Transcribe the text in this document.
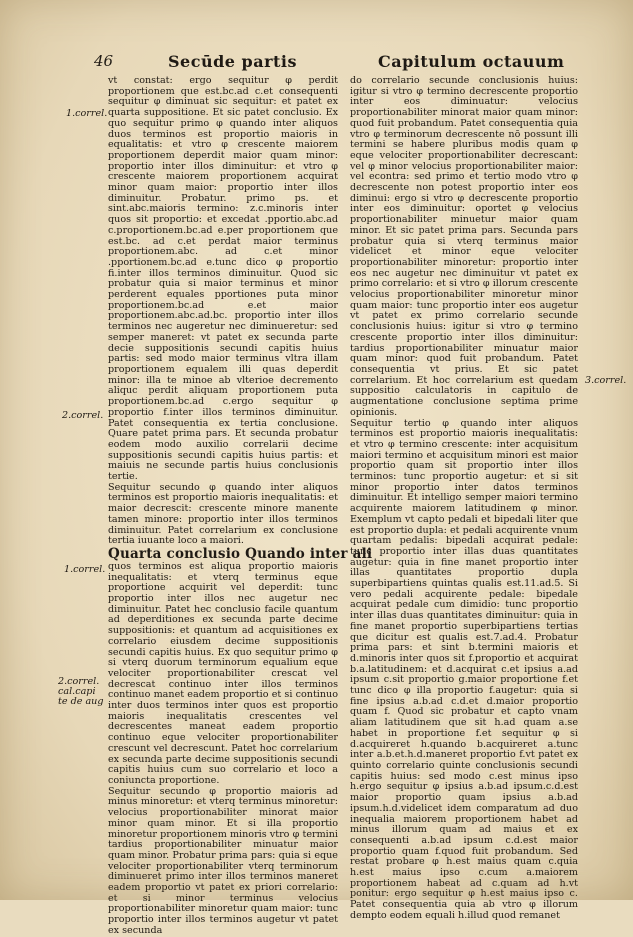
46	Secūde partis	Capitulum octauum
1.correl.
2.correl.
1.correl.
2.correl. cal.capi te de aug
3.correl.

vt constat: ergo sequitur φ perdit proportionem que est.bc.ad c.et consequenti sequitur φ diminuat sic sequitur: et patet ex quarta suppositione. Et sic patet conclusio. Ex quo sequitur primo φ quando inter aliquos duos terminos est proportio maioris in equalitatis: et vtro φ crescente maiorem proportionem deperdit maior quam minor: proportio inter illos diminuitur: et vtro φ crescente maiorem proportionem acquirat minor quam maior: proportio inter illos diminuitur. Probatur. primo ps. et sint.abc.maioris termino: z.c.minoris inter quos sit proportio: et excedat .pportio.abc.ad c.proportionem.bc.ad e.per proportionem que est.bc. ad c.et perdat maior terminus proportionem.abc. ad c.et minor .pportionem.bc.ad e.tunc dico φ proportio fi.inter illos terminos diminuitur. Quod sic probatur quia si maior terminus et minor perderent equales pportiones puta minor proportionem.bc.ad e.et maior proportionem.abc.ad.bc. proportio inter illos terminos nec augeretur nec diminueretur: sed semper maneret: vt patet ex secunda parte decie suppositionis secundi capitis huius partis: sed modo maior terminus vltra illam proportionem equalem illi quas deperdit minor: illa te minoe ab vlterioe decremento aliquc perdit aliquam proportionem puta proportionem.bc.ad c.ergo sequitur φ proportio f.inter illos terminos diminuitur. Patet consequentia ex tertia conclusione. Quare patet prima pars. Et secunda probatur eodem modo auxilio correlarii decime suppositionis secundi capitis huius partis: et maiuis ne secunde partis huius conclusionis tertie.

Sequitur secundo φ quando inter aliquos terminos est proportio maioris inequalitatis: et maior decrescit: crescente minore manente tamen minore: proportio inter illos terminos diminuitur. Patet correlarium ex conclusione tertia iuuante loco a maiori.

Quarta conclusio Quando inter ali

quos terminos est aliqua proportio maioris inequalitatis: et vterq terminus eque proportione acquirit vel deperdit: tunc proportio inter illos nec augetur nec diminuitur. Patet hec conclusio facile quantum ad deperditiones ex secunda parte decime suppositionis: et quantum ad acquisitiones ex correlario eiusdem decime suppositionis secundi capitis huius. Ex quo sequitur primo φ si vterq duorum terminorum equalium eque velociter proportionabiliter crescat vel decrescat continuo inter illos terminos continuo manet eadem proportio et si continuo inter duos terminos inter quos est proportio maioris inequalitatis crescentes vel decrescentes maneat eadem proportio continuo eque velociter proportionabiliter crescunt vel decrescunt. Patet hoc correlarium ex secunda parte decime suppositionis secundi capitis huius cum suo correlario et loco a coniuncta proportione.

Sequitur secundo φ proportio maioris ad minus minoretur: et vterq terminus minoretur: velocius proportionabiliter minorat maior minor quam minor. Et si illa proportio minoretur proportionem minoris vtro φ termini tardius proportionabiliter minuatur maior quam minor. Probatur prima pars: quia si eque velociter proportionabiliter vterq terminorum diminueret primo inter illos terminos maneret eadem proportio vt patet ex priori correlario: et si minor terminus velocius proportionabiliter minoretur quam maior: tunc proportio inter illos terminos augetur vt patet ex secunda

do correlario secunde conclusionis huius: igitur si vtro φ termino decrescente proportio inter eos diminuatur: velocius proportionabiliter minorat maior quam minor: quod fuit probandum. Patet consequentia quia vtro φ terminorum decrescente nō possunt illi termini se habere pluribus modis quam φ eque velociter proportionabiliter decrescant: vel φ minor velocius proportionabiliter maior: vel econtra: sed primo et tertio modo vtro φ decrescente non potest proportio inter eos diminui: ergo si vtro φ decrescente proportio inter eos diminuitur: oportet φ velocius proportionabiliter minuetur maior quam minor. Et sic patet prima pars. Secunda pars probatur quia si vterq terminus maior videlicet et minor eque velociter proportionabiliter minoretur: proportio inter eos nec augetur nec diminuitur vt patet ex primo correlario: et si vtro φ illorum crescente velocius proportionabiliter minoretur minor quam maior: tunc proportio inter eos augetur vt patet ex primo correlario secunde conclusionis huius: igitur si vtro φ termino crescente proportio inter illos diminuitur: tardius proportionabiliter minuatur maior quam minor: quod fuit probandum. Patet consequentia vt prius. Et sic patet correlarium. Et hoc correlarium est quedam suppositio calculatoris in capitulo de augmentatione conclusione septima prime opinionis.

Sequitur tertio φ quando inter aliquos terminos est proportio maioris inequalitatis: et vtro φ termino crescente: inter acquisitum maiori termino et acquisitum minori est maior proportio quam sit proportio inter illos terminos: tunc proportio augetur: et si sit minor proportio inter datos terminos diminuitur. Et intelligo semper maiori termino acquirente maiorem latitudinem φ minor. Exemplum vt capto pedali et bipedali liter que est proportio dupla: et pedali acquirente vnum quartam pedalis: bipedali acquirat pedale: tunc proportio inter illas duas quantitates augetur: quia in fine manet proportio inter illas quantitates proportio dupla superbipartiens quintas qualis est.11.ad.5. Si vero pedali acquirente pedale: bipedale acquirat pedale cum dimidio: tunc proportio inter illas duas quantitates diminuitur: quia in fine manet proportio superbipartiens tertias que dicitur est qualis est.7.ad.4. Probatur prima pars: et sint b.termini maioris et d.minoris inter quos sit f.proportio et acquirat b.a.latitudinem: et d.acquirat c.et ipsius a.ad ipsum c.sit proportio g.maior proportione f.et tunc dico φ illa proportio f.augetur: quia si fine ipsius a.b.ad c.d.et d.maior proportio quam f. Quod sic probatur et capto vnam aliam latitudinem que sit h.ad quam a.se habet in proportione f.et sequitur φ si d.acquireret h.quando b.acquireret a.tunc inter a.b.et.h.d.maneret proportio f.vt patet ex quinto correlario quinte conclusionis secundi capitis huius: sed modo c.est minus ipso h.ergo sequitur φ ipsius a.b.ad ipsum.c.d.est maior proportio quam ipsius a.b.ad ipsum.h.d.videlicet idem comparatum ad duo inequalia maiorem proportionem habet ad minus illorum quam ad maius et ex consequenti a.b.ad ipsum c.d.est maior proportio quam f.quod fuit probandum. Sed restat probare φ h.est maius quam c.quia h.est maius ipso c.cum a.maiorem proportionem habeat ad c.quam ad h.vt ponitur: ergo sequitur φ h.est maius ipso c. Patet consequentia quia ab vtro φ illorum dempto eodem equali h.illud quod remanet
